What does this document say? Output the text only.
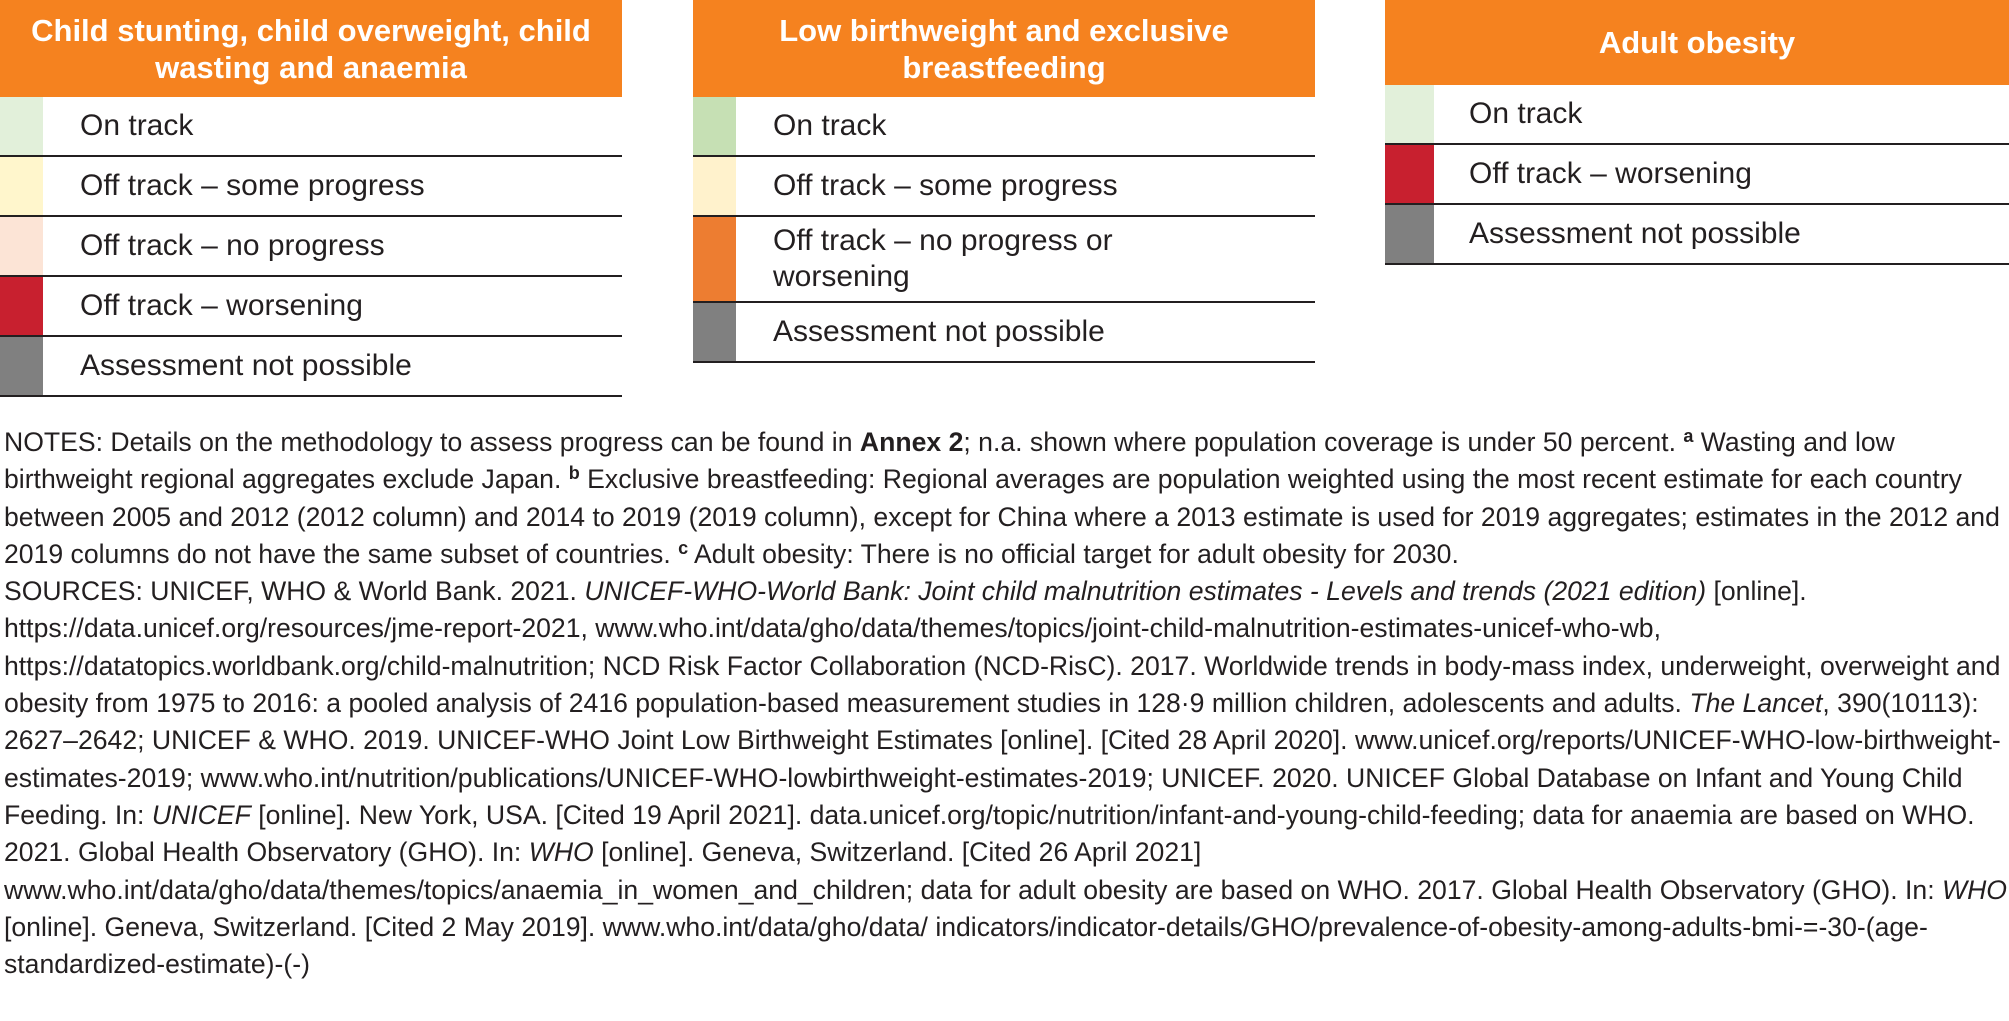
Child stunting, child overweight, child wasting and anaemia
On track
Off track – some progress
Off track – no progress
Off track – worsening
Assessment not possible
Low birthweight and exclusive breastfeeding
On track
Off track – some progress
Off track – no progress or worsening
Assessment not possible
Adult obesity
On track
Off track – worsening
Assessment not possible

NOTES: Details on the methodology to assess progress can be found in Annex 2; n.a. shown where population coverage is under 50 percent. $^a$ Wasting and low birthweight regional aggregates exclude Japan. $^b$ Exclusive breastfeeding: Regional averages are population weighted using the most recent estimate for each country between 2005 and 2012 (2012 column) and 2014 to 2019 (2019 column), except for China where a 2013 estimate is used for 2019 aggregates; estimates in the 2012 and 2019 columns do not have the same subset of countries. $^c$ Adult obesity: There is no official target for adult obesity for 2030.

SOURCES: UNICEF, WHO & World Bank. 2021. UNICEF-WHO-World Bank: Joint child malnutrition estimates - Levels and trends (2021 edition) [online]. https://data.unicef.org/resources/jme-report-2021, www.who.int/data/gho/data/themes/topics/joint-child-malnutrition-estimates-unicef-who-wb, https://datatopics.worldbank.org/child-malnutrition; NCD Risk Factor Collaboration (NCD-RisC). 2017. Worldwide trends in body-mass index, underweight, overweight and obesity from 1975 to 2016: a pooled analysis of 2416 population-based measurement studies in 128·9 million children, adolescents and adults. The Lancet, 390(10113): 2627–2642; UNICEF & WHO. 2019. UNICEF-WHO Joint Low Birthweight Estimates [online]. [Cited 28 April 2020]. www.unicef.org/reports/UNICEF-WHO-low-birthweight-estimates-2019; www.who.int/nutrition/publications/UNICEF-WHO-lowbirthweight-estimates-2019; UNICEF. 2020. UNICEF Global Database on Infant and Young Child Feeding. In: UNICEF [online]. New York, USA. [Cited 19 April 2021]. data.unicef.org/topic/nutrition/infant-and-young-child-feeding; data for anaemia are based on WHO. 2021. Global Health Observatory (GHO). In: WHO [online]. Geneva, Switzerland. [Cited 26 April 2021] www.who.int/data/gho/data/themes/topics/anaemia_in_women_and_children; data for adult obesity are based on WHO. 2017. Global Health Observatory (GHO). In: WHO [online]. Geneva, Switzerland. [Cited 2 May 2019]. www.who.int/data/gho/data/ indicators/indicator-details/GHO/prevalence-of-obesity-among-adults-bmi-=-30-(age-standardized-estimate)-(-)
